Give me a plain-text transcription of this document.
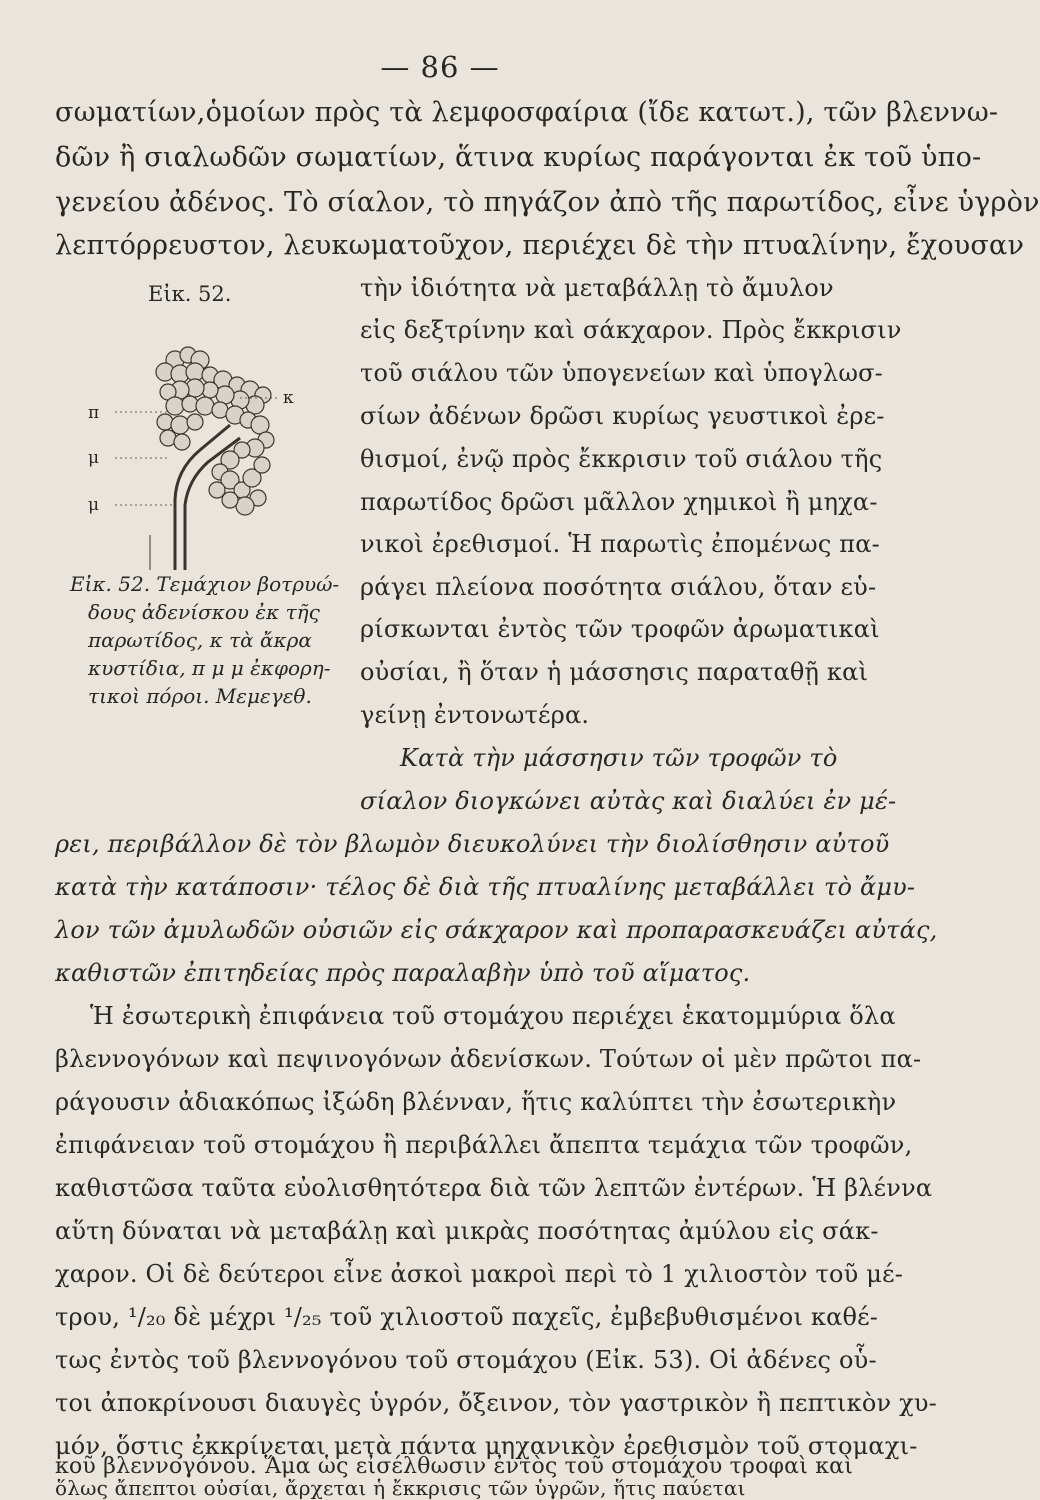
— 86 —
σωματίων,ὁμοίων πρὸς τὰ λεμφοσφαίρια (ἴδε κατωτ.), τῶν βλεννω-
δῶν ἢ σιαλωδῶν σωματίων, ἅτινα κυρίως παράγονται ἐκ τοῦ ὑπο-
γενείου ἀδένος. Τὸ σίαλον, τὸ πηγάζον ἀπὸ τῆς παρωτίδος, εἶνε ὑγρὸν
λεπτόρρευστον, λευκωματοῦχον, περιέχει δὲ τὴν πτυαλίνην, ἔχουσαν
Εἰκ. 52.
π
μ
μ
κ
Εἰκ. 52. Τεμάχιον βοτρυώ-
δους ἀδενίσκου ἐκ τῆς
παρωτίδος, κ τὰ ἄκρα
κυστίδια, π μ μ ἐκφορη-
τικοὶ πόροι. Μεμεγεθ.
τὴν ἰδιότητα νὰ μεταβάλλῃ τὸ ἄμυλον
εἰς δεξτρίνην καὶ σάκχαρον. Πρὸς ἔκκρισιν
τοῦ σιάλου τῶν ὑπογενείων καὶ ὑπογλωσ-
σίων ἀδένων δρῶσι κυρίως γευστικοὶ ἐρε-
θισμοί, ἐνῷ πρὸς ἔκκρισιν τοῦ σιάλου τῆς
παρωτίδος δρῶσι μᾶλλον χημικοὶ ἢ μηχα-
νικοὶ ἐρεθισμοί. Ἡ παρωτὶς ἐπομένως πα-
ράγει πλείονα ποσότητα σιάλου, ὅταν εὑ-
ρίσκωνται ἐντὸς τῶν τροφῶν ἀρωματικαὶ
οὐσίαι, ἢ ὅταν ἡ μάσσησις παραταθῇ καὶ
γείνῃ ἐντονωτέρα.
Κατὰ τὴν μάσσησιν τῶν τροφῶν τὸ
σίαλον διογκώνει αὐτὰς καὶ διαλύει ἐν μέ-
ρει, περιβάλλον δὲ τὸν βλωμὸν διευκολύνει τὴν διολίσθησιν αὐτοῦ
κατὰ τὴν κατάποσιν· τέλος δὲ διὰ τῆς πτυαλίνης μεταβάλλει τὸ ἄμυ-
λον τῶν ἀμυλωδῶν οὐσιῶν εἰς σάκχαρον καὶ προπαρασκευάζει αὐτάς,
καθιστῶν ἐπιτηδείας πρὸς παραλαβὴν ὑπὸ τοῦ αἵματος.
Ἡ ἐσωτερικὴ ἐπιφάνεια τοῦ στομάχου περιέχει ἑκατομμύρια ὅλα
βλεννογόνων καὶ πεψινογόνων ἀδενίσκων. Τούτων οἱ μὲν πρῶτοι πα-
ράγουσιν ἀδιακόπως ἰξώδη βλένναν, ἥτις καλύπτει τὴν ἐσωτερικὴν
ἐπιφάνειαν τοῦ στομάχου ἢ περιβάλλει ἄπεπτα τεμάχια τῶν τροφῶν,
καθιστῶσα ταῦτα εὐολισθητότερα διὰ τῶν λεπτῶν ἐντέρων. Ἡ βλέννα
αὕτη δύναται νὰ μεταβάλῃ καὶ μικρὰς ποσότητας ἀμύλου εἰς σάκ-
χαρον. Οἱ δὲ δεύτεροι εἶνε ἀσκοὶ μακροὶ περὶ τὸ 1 χιλιοστὸν τοῦ μέ-
τρου, ¹/₂₀ δὲ μέχρι ¹/₂₅ τοῦ χιλιοστοῦ παχεῖς, ἐμβεβυθισμένοι καθέ-
τως ἐντὸς τοῦ βλεννογόνου τοῦ στομάχου (Εἰκ. 53). Οἱ ἀδένες οὗ-
τοι ἀποκρίνουσι διαυγὲς ὑγρόν, ὄξεινον, τὸν γαστρικὸν ἢ πεπτικὸν χυ-
μόν, ὅστις ἐκκρίνεται μετὰ πάντα μηχανικὸν ἐρεθισμὸν τοῦ στομαχι-
κοῦ βλεννογόνου. Ἅμα ὡς εἰσέλθωσιν ἐντὸς τοῦ στομάχου τροφαὶ καὶ
ὅλως ἄπεπτοι οὐσίαι, ἄρχεται ἡ ἔκκρισις τῶν ὑγρῶν, ἥτις παύεται
